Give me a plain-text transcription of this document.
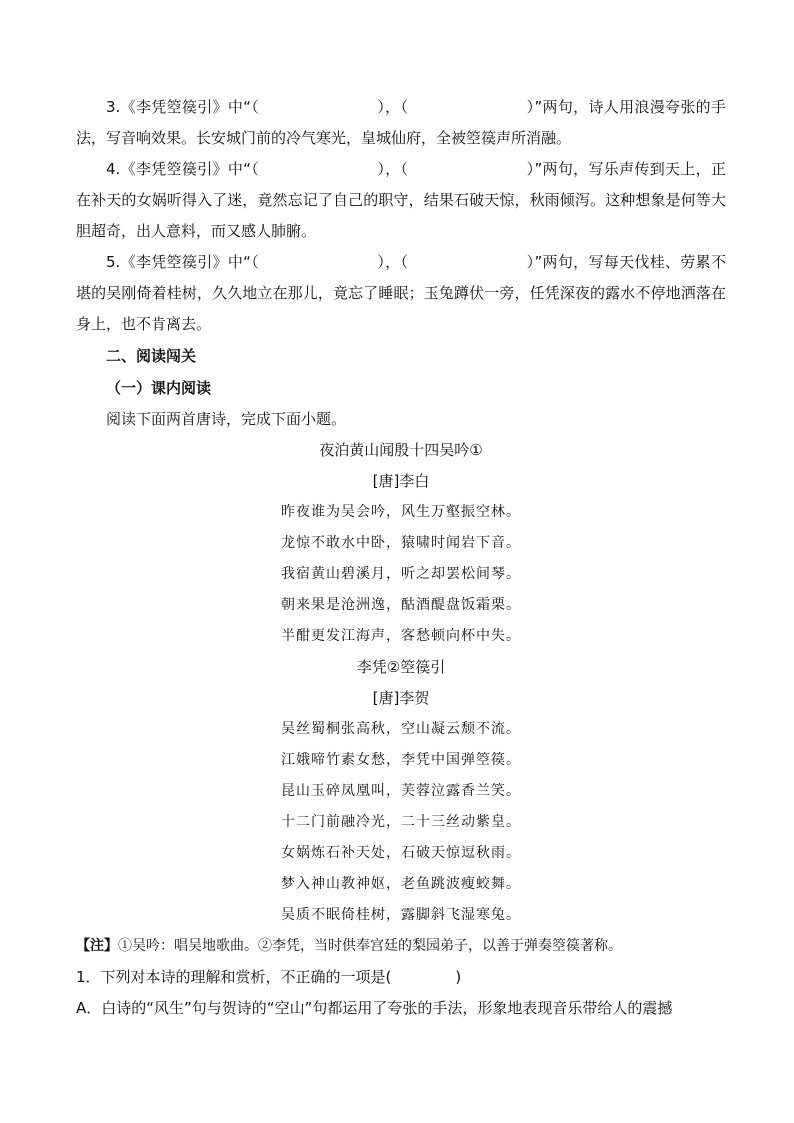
3.《李凭箜篌引》中“（	），（	）”两句，诗人用浪漫夸张的手法，写音响效果。长安城门前的冷气寒光，皇城仙府，全被箜篌声所消融。

4.《李凭箜篌引》中“（	），（	）”两句，写乐声传到天上，正在补天的女娲听得入了迷，竟然忘记了自己的职守，结果石破天惊，秋雨倾泻。这种想象是何等大胆超奇，出人意料，而又感人肺腑。

5.《李凭箜篌引》中“（	），（	）”两句，写每天伐桂、劳累不堪的吴刚倚着桂树，久久地立在那儿，竟忘了睡眠；玉兔蹲伏一旁，任凭深夜的露水不停地洒落在身上，也不肯离去。

二、阅读闯关

（一）课内阅读

阅读下面两首唐诗，完成下面小题。

夜泊黄山闻殷十四吴吟①

[唐]李白

昨夜谁为吴会吟，风生万壑振空林。

龙惊不敢水中卧，猿啸时闻岩下音。

我宿黄山碧溪月，听之却罢松间琴。

朝来果是沧洲逸，酤酒醍盘饭霜栗。

半酣更发江海声，客愁顿向杯中失。

李凭②箜篌引

[唐]李贺

吴丝蜀桐张高秋，空山凝云颓不流。

江娥啼竹素女愁，李凭中国弹箜篌。

昆山玉碎凤凰叫，芙蓉泣露香兰笑。

十二门前融冷光，二十三丝动紫皇。

女娲炼石补天处，石破天惊逗秋雨。

梦入神山教神妪，老鱼跳波瘦蛟舞。

吴质不眠倚桂树，露脚斜飞湿寒兔。

【注】①吴吟：唱吴地歌曲。②李凭，当时供奉宫廷的梨园弟子，以善于弹奏箜篌著称。

1．下列对本诗的理解和赏析，不正确的一项是(	)

A．白诗的“风生”句与贺诗的“空山”句都运用了夸张的手法，形象地表现音乐带给人的震撼
